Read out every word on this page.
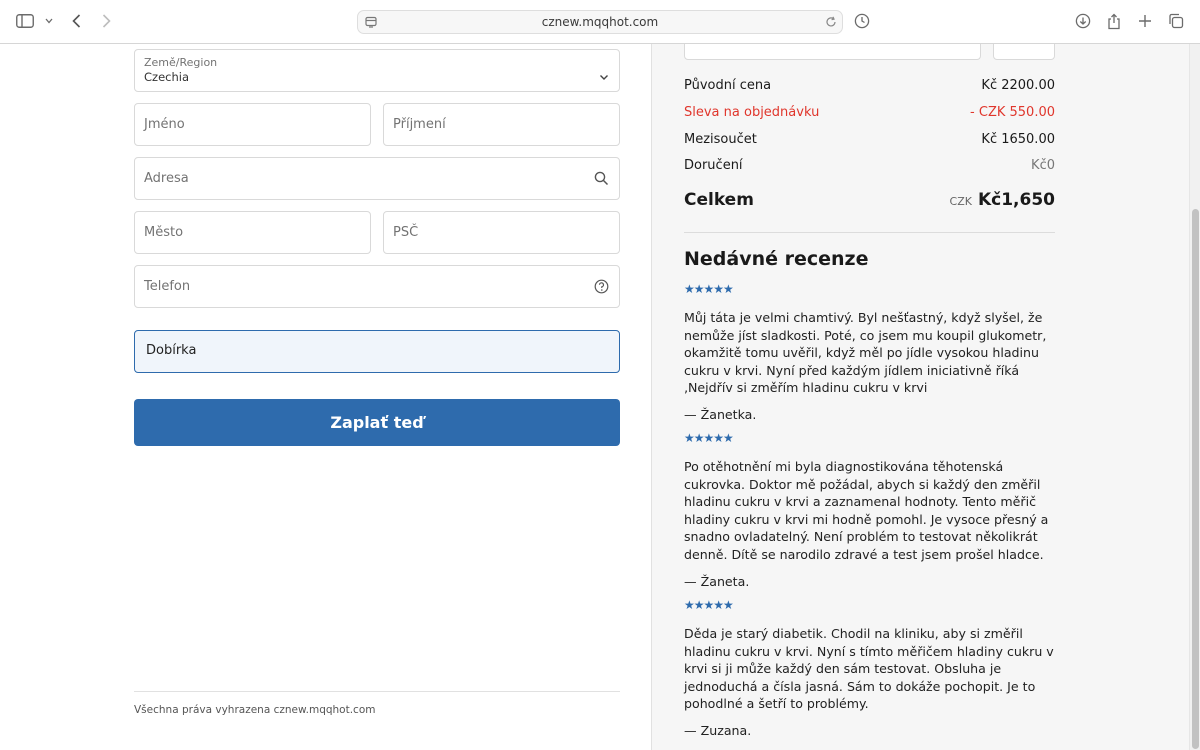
cznew.mqqhot.com
Země/Region
Czechia
Jméno	Příjmení
Adresa
Město	PSČ
Telefon
Dobírka
Zaplať teď
Všechna práva vyhrazena cznew.mqqhot.com
Původní cena	Kč 2200.00
Sleva na objednávku	- CZK 550.00
Mezisoučet	Kč 1650.00
Doručení	Kč0
Celkem	CZK Kč1,650
Nedávné recenze
★★★★★
Můj táta je velmi chamtivý. Byl nešťastný, když slyšel, že nemůže jíst sladkosti. Poté, co jsem mu koupil glukometr, okamžitě tomu uvěřil, když měl po jídle vysokou hladinu cukru v krvi. Nyní před každým jídlem iniciativně říká ‚Nejdřív si změřím hladinu cukru v krvi
— Žanetka.
★★★★★
Po otěhotnění mi byla diagnostikována těhotenská cukrovka. Doktor mě požádal, abych si každý den změřil hladinu cukru v krvi a zaznamenal hodnoty. Tento měřič hladiny cukru v krvi mi hodně pomohl. Je vysoce přesný a snadno ovladatelný. Není problém to testovat několikrát denně. Dítě se narodilo zdravé a test jsem prošel hladce.
— Žaneta.
★★★★★
Děda je starý diabetik. Chodil na kliniku, aby si změřil hladinu cukru v krvi. Nyní s tímto měřičem hladiny cukru v krvi si ji může každý den sám testovat. Obsluha je jednoduchá a čísla jasná. Sám to dokáže pochopit. Je to pohodlné a šetří to problémy.
— Zuzana.
